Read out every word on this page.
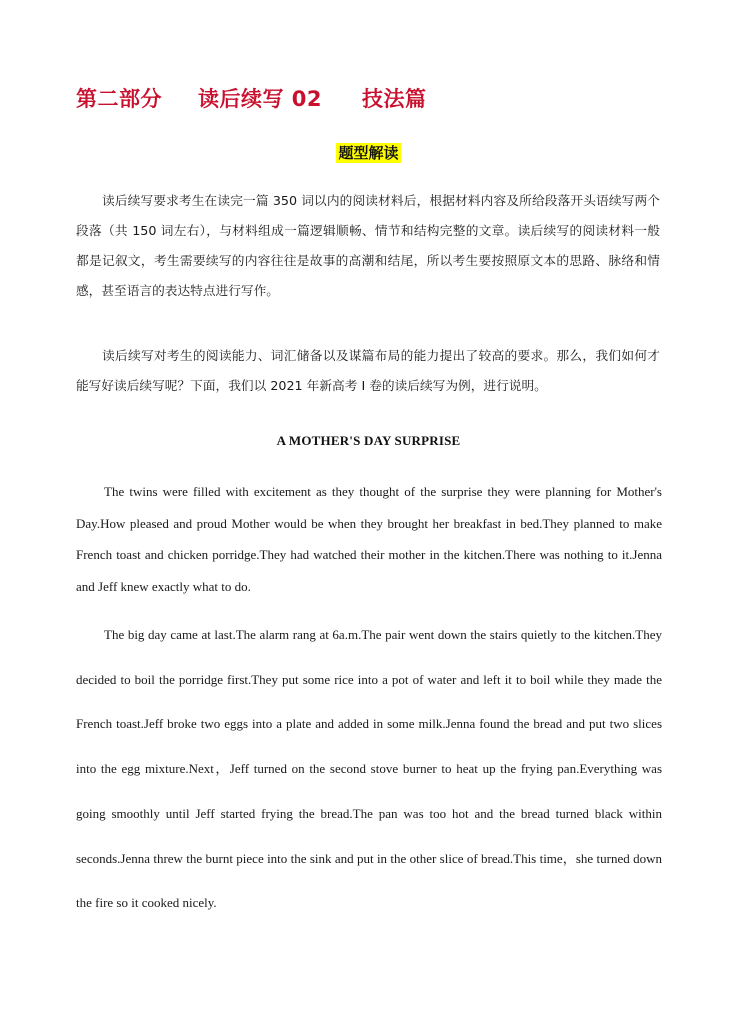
第二部分 读后续写 02 技法篇
题型解读

读后续写要求考生在读完一篇 350 词以内的阅读材料后，根据材料内容及所给段落开头语续写两个段落（共 150 词左右），与材料组成一篇逻辑顺畅、情节和结构完整的文章。读后续写的阅读材料一般都是记叙文，考生需要续写的内容往往是故事的高潮和结尾，所以考生要按照原文本的思路、脉络和情感，甚至语言的表达特点进行写作。

读后续写对考生的阅读能力、词汇储备以及谋篇布局的能力提出了较高的要求。那么，我们如何才能写好读后续写呢？下面，我们以 2021 年新高考 I 卷的读后续写为例，进行说明。

A MOTHER'S DAY SURPRISE

The twins were filled with excitement as they thought of the surprise they were planning for Mother's Day.How pleased and proud Mother would be when they brought her breakfast in bed.They planned to make French toast and chicken porridge.They had watched their mother in the kitchen.There was nothing to it.Jenna and Jeff knew exactly what to do.

The big day came at last.The alarm rang at 6a.m.The pair went down the stairs quietly to the kitchen.They decided to boil the porridge first.They put some rice into a pot of water and left it to boil while they made the French toast.Jeff broke two eggs into a plate and added in some milk.Jenna found the bread and put two slices into the egg mixture.Next，Jeff turned on the second stove burner to heat up the frying pan.Everything was going smoothly until Jeff started frying the bread.The pan was too hot and the bread turned black within seconds.Jenna threw the burnt piece into the sink and put in the other slice of bread.This time，she turned down the fire so it cooked nicely.
